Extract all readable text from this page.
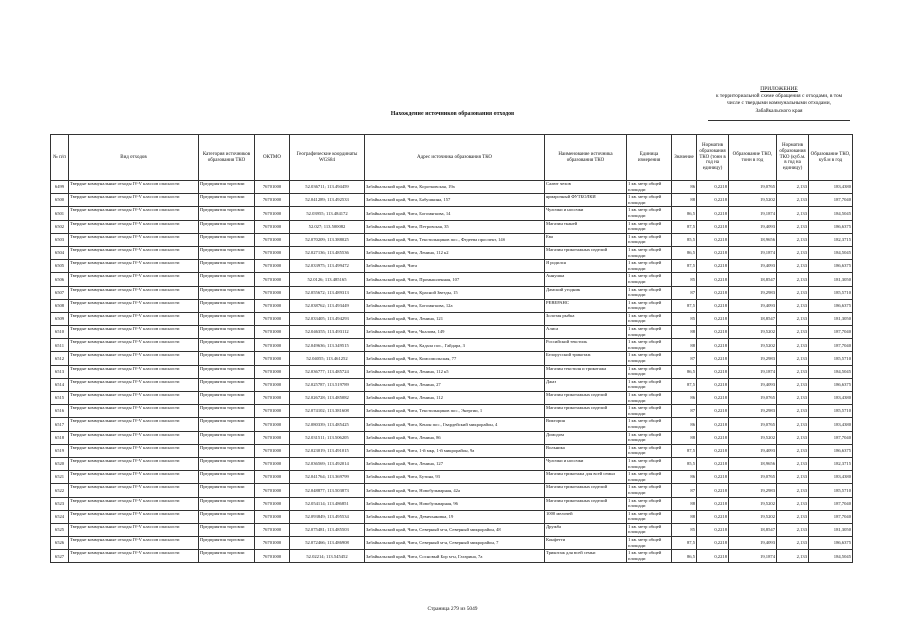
ПРИЛОЖЕНИЕ
к территориальной схеме обращения с отходами, в том
числе с твердыми коммунальными отходами,
Забайкальского края
Нахождение источников образования отходов
№ п/п	Вид отходов	Категория источников образования ТКО	ОКТМО	Географические координаты WGS84	Адрес источника образования ТКО	Наименование источника образования ТКО	Единица измерения	Значение	Норматив образования ТКО (тонн в год на единицу)	Образование ТКО, тонн в год	Норматив образования ТКО (куб.м. в год на единицу)	Образование ТКО, куб.м в год
6499	Твердые коммунальные отходы IV-V классов опасности	Предприятия торговли	76701000	52.036711; 113.494459	Забайкальский край, Чита, Коротковская, 19а	Салют чехов	1 кв. метр общей площади	86	0,2218	19,0765	2,133	183,4380
6500	Твердые коммунальные отходы IV-V классов опасности	Предприятия торговли	76701000	52.041289; 113.492533	Забайкальский край, Чита, Бабушкина, 157	ярмарочный ФУТБОЛКИ	1 кв. метр общей площади	88	0,2218	19,5202	2,133	187,7040
6501	Твердые коммунальные отходы IV-V классов опасности	Предприятия торговли	76701000	52.03955; 113.484172	Забайкальский край, Чита, Богомягкова, 14	Чулочки и носочки	1 кв. метр общей площади	86,5	0,2218	19,1874	2,133	184,5045
6502	Твердые коммунальные отходы IV-V классов опасности	Предприятия торговли	76701000	52.027; 113.500082	Забайкальский край, Чита, Петровская, 35	Магазин тканей	1 кв. метр общей площади	87,5	0,2218	19,4093	2,133	186,6375
6503	Твердые коммунальные отходы IV-V классов опасности	Предприятия торговли	76701000	52.070209; 113.388025	Забайкальский край, Чита, Текстильщиков пос., Федеева проспект, 14б	Ева	1 кв. метр общей площади	85,5	0,2218	18,9656	2,133	182,3715
6504	Твердые коммунальные отходы IV-V классов опасности	Предприятия торговли	76701000	52.027136; 113.485536	Забайкальский край, Чита, Ленина, 112 к2	Магазин трикотажных изделий	1 кв. метр общей площади	86,5	0,2218	19,1874	2,133	184,5045
6505	Твердые коммунальные отходы IV-V классов опасности	Предприятия торговли	76701000	52.033975; 113.499472	Забайкальский край, Чита	Я родился	1 кв. метр общей площади	87,5	0,2218	19,4093	2,133	186,6375
6506	Твердые коммунальные отходы IV-V классов опасности	Предприятия торговли	76701000	52.0126; 113.485165	Забайкальский край, Чита, Промышленная, 107	Аннушка	1 кв. метр общей площади	85	0,2218	18,8547	2,133	181,3050
6507	Твердые коммунальные отходы IV-V классов опасности	Предприятия торговли	76701000	52.055672; 113.489313	Забайкальский край, Чита, Красной Звезды, 15	Дамский угодник	1 кв. метр общей площади	87	0,2218	19,2983	2,133	185,5710
6508	Твердые коммунальные отходы IV-V классов опасности	Предприятия торговли	76701000	52.038762; 113.493449	Забайкальский край, Чита, Богомягкова, 12а	РЕВЕРАНС	1 кв. метр общей площади	87,5	0,2218	19,4093	2,133	186,6375
6509	Твердые коммунальные отходы IV-V классов опасности	Предприятия торговли	76701000	52.033405; 113.494293	Забайкальский край, Чита, Ленина, 121	Золотая рыбка	1 кв. метр общей площади	85	0,2218	18,8547	2,133	181,3050
6510	Твердые коммунальные отходы IV-V классов опасности	Предприятия торговли	76701000	52.046355; 113.493112	Забайкальский край, Чита, Чкалова, 149	Алиса	1 кв. метр общей площади	88	0,2218	19,5202	2,133	187,7040
6511	Твердые коммунальные отходы IV-V классов опасности	Предприятия торговли	76701000	52.049636; 113.349515	Забайкальский край, Чита, Кадала пос., Гайдара, 3	Российский текстиль	1 кв. метр общей площади	88	0,2218	19,5202	2,133	187,7040
6512	Твердые коммунальные отходы IV-V классов опасности	Предприятия торговли	76701000	52.04055; 113.461252	Забайкальский край, Чита, Комсомольская, 77	Белорусский трикотаж	1 кв. метр общей площади	87	0,2218	19,2983	2,133	185,5710
6513	Твердые коммунальные отходы IV-V классов опасности	Предприятия торговли	76701000	52.036777; 113.485724	Забайкальский край, Чита, Ленина, 112 к5	Магазин текстиля и трикотажа	1 кв. метр общей площади	86,5	0,2218	19,1874	2,133	184,5045
6514	Твердые коммунальные отходы IV-V классов опасности	Предприятия торговли	76701000	52.025787; 113.519789	Забайкальский край, Чита, Ленина, 27	Джаз	1 кв. метр общей площади	87,5	0,2218	19,4093	2,133	186,6375
6515	Твердые коммунальные отходы IV-V классов опасности	Предприятия торговли	76701000	52.026728; 113.485082	Забайкальский край, Чита, Ленина, 112	Магазин трикотажных изделий	1 кв. метр общей площади	86	0,2218	19,0765	2,133	183,4380
6516	Твердые коммунальные отходы IV-V классов опасности	Предприятия торговли	76701000	52.074102; 113.381608	Забайкальский край, Чита, Текстильщиков пос., Энергии, 1	Магазин трикотажных изделий	1 кв. метр общей площади	87	0,2218	19,2983	2,133	185,5710
6517	Твердые коммунальные отходы IV-V классов опасности	Предприятия торговли	76701000	52.080339; 113.485425	Забайкальский край, Чита, Кенон пос., Гвардейский микрорайон, 4	Виктория	1 кв. метр общей площади	86	0,2218	19,0765	2,133	183,4380
6518	Твердые коммунальные отходы IV-V классов опасности	Предприятия торговли	76701000	52.031511; 113.506205	Забайкальский край, Чита, Ленина, 86	Домодом	1 кв. метр общей площади	88	0,2218	19,5202	2,133	187,7040
6519	Твердые коммунальные отходы IV-V классов опасности	Предприятия торговли	76701000	52.023019; 113.491015	Забайкальский край, Чита, 1-й мкр, 1-й микрорайон, 9а	Вольника	1 кв. метр общей площади	87,5	0,2218	19,4093	2,133	186,6375
6520	Твердые коммунальные отходы IV-V классов опасности	Предприятия торговли	76701000	52.036569; 113.492014	Забайкальский край, Чита, Ленина, 127	Чулочки и носочки	1 кв. метр общей площади	85,5	0,2218	18,9656	2,133	182,3715
6521	Твердые коммунальные отходы IV-V классов опасности	Предприятия торговли	76701000	52.041764; 113.369799	Забайкальский край, Чита, Бутина, 93	Магазин трикотажа для всей семьи	1 кв. метр общей площади	86	0,2218	19,0765	2,133	183,4380
6522	Твердые коммунальные отходы IV-V классов опасности	Предприятия торговли	76701000	52.048877; 113.503873	Забайкальский край, Чита, Новобульварная, 42а	Магазин трикотажных изделий	1 кв. метр общей площади	87	0,2218	19,2983	2,133	185,5710
6523	Твердые коммунальные отходы IV-V классов опасности	Предприятия торговли	76701000	52.054114; 113.486851	Забайкальский край, Чита, Новобульварная, 96	Магазин трикотажных изделий	1 кв. метр общей площади	88	0,2218	19,5202	2,133	187,7040
6524	Твердые коммунальные отходы IV-V классов опасности	Предприятия торговли	76701000	52.093849; 113.495534	Забайкальский край, Чита, Девичьяковка, 19	1000 мелочей	1 кв. метр общей площади	88	0,2218	19,5202	2,133	187,7040
6525	Твердые коммунальные отходы IV-V классов опасности	Предприятия торговли	76701000	52.075481; 113.485503	Забайкальский край, Чита, Северный м-н, Северный микрорайон, 48	Дружба	1 кв. метр общей площади	85	0,2218	18,8547	2,133	181,3050
6526	Твердые коммунальные отходы IV-V классов опасности	Предприятия торговли	76701000	52.072466; 113.486908	Забайкальский край, Чита, Северный м-н, Северный микрорайон, 7	Конфетти	1 кв. метр общей площади	87,5	0,2218	19,4093	2,133	186,6375
6527	Твердые коммунальные отходы IV-V классов опасности	Предприятия торговли	76701000	52.02214; 113.545452	Забайкальский край, Чита, Сосновый Бор м-н, Гагарина, 7а	Трикотаж для всей семьи	1 кв. метр общей площади	86,5	0,2218	19,1874	2,133	184,5045
Страница 279 из 5049
